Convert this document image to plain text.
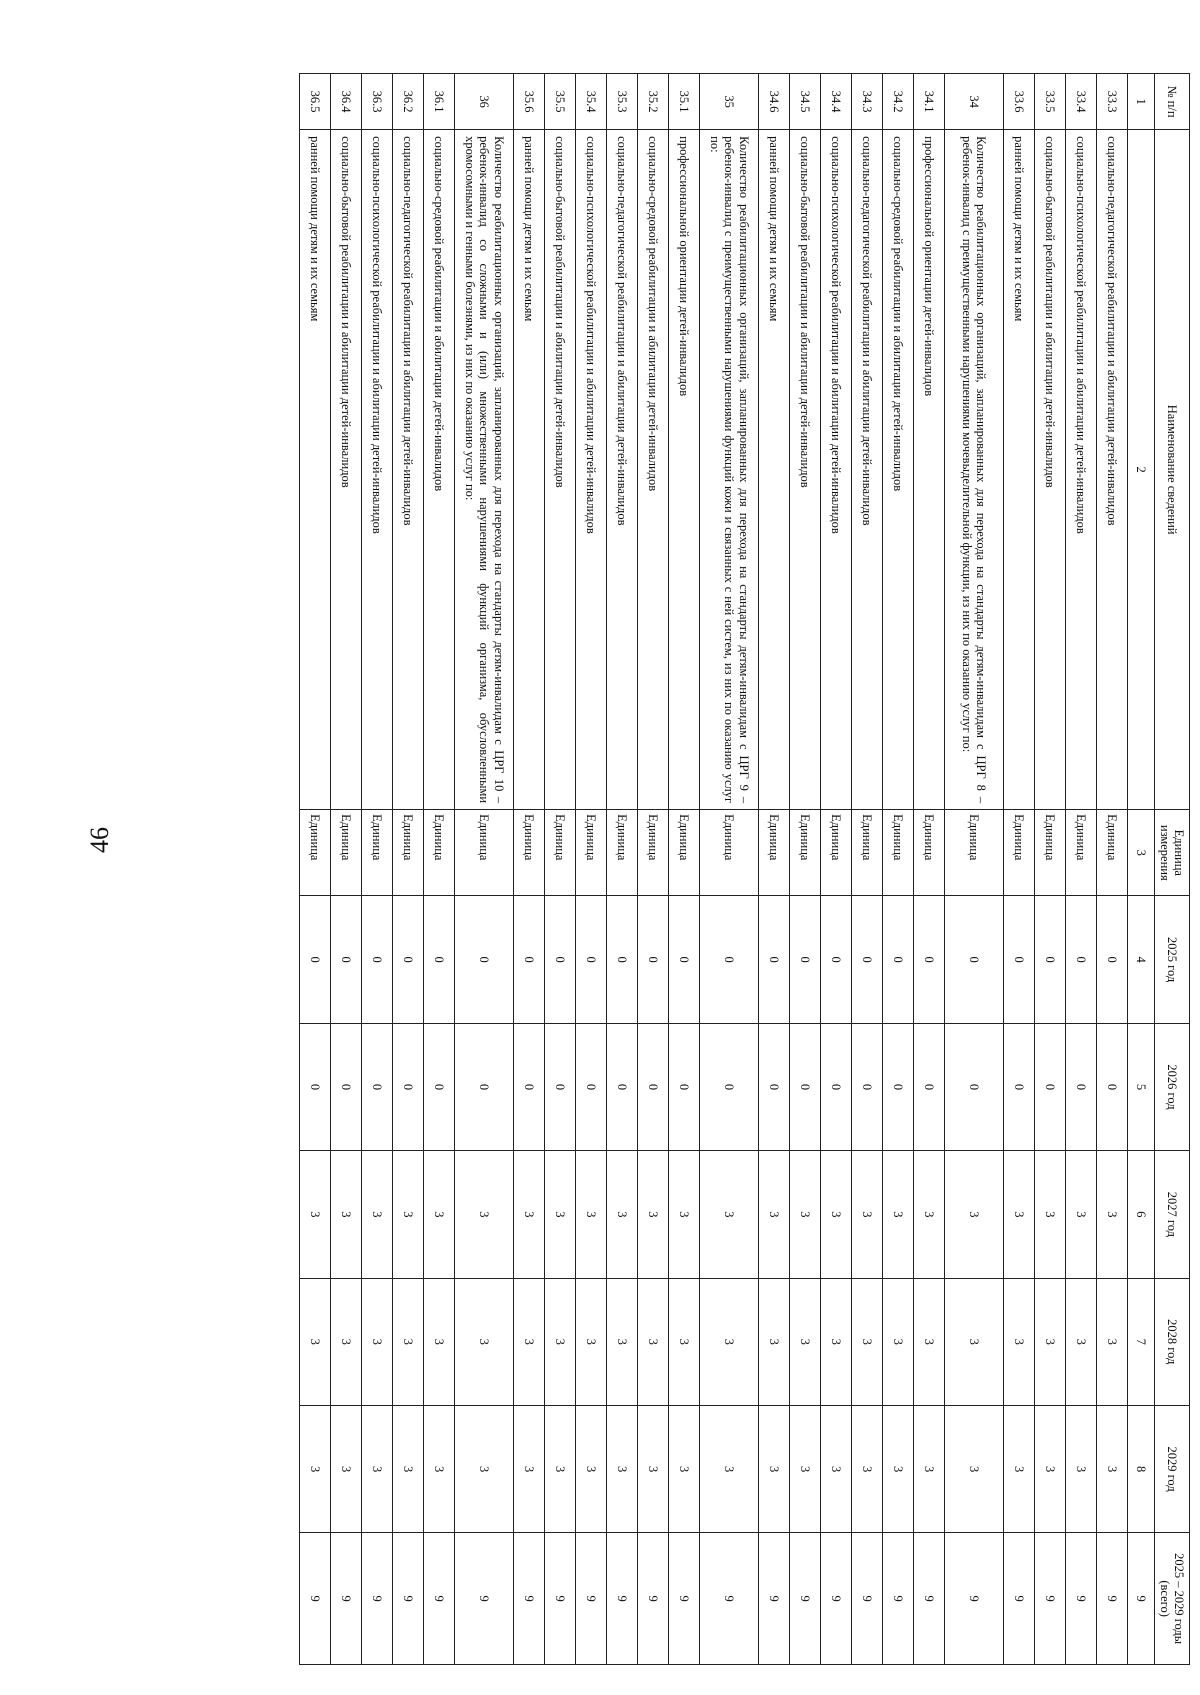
46
№ п/п	Наименование сведений	Единица измерения	2025 год	2026 год	2027 год	2028 год	2029 год	2025 – 2029 годы (всего)
1	2	3	4	5	6	7	8	9
33.3	социально-педагогической реабилитации и абилитации детей-инвалидов	Единица	0	0	3	3	3	9
33.4	социально-психологической реабилитации и абилитации детей-инвалидов	Единица	0	0	3	3	3	9
33.5	социально-бытовой реабилитации и абилитации детей-инвалидов	Единица	0	0	3	3	3	9
33.6	ранней помощи детям и их семьям	Единица	0	0	3	3	3	9
34	Количество реабилитационных организаций, запланированных для перехода на стандарты детям-инвалидам с ЦРГ 8 – ребенок-инвалид с преимущественными нарушениями мочевыделительной функции, из них по оказанию услуг по:	Единица	0	0	3	3	3	9
34.1	профессиональной ориентации детей-инвалидов	Единица	0	0	3	3	3	9
34.2	социально-средовой реабилитации и абилитации детей-инвалидов	Единица	0	0	3	3	3	9
34.3	социально-педагогической реабилитации и абилитации детей-инвалидов	Единица	0	0	3	3	3	9
34.4	социально-психологической реабилитации и абилитации детей-инвалидов	Единица	0	0	3	3	3	9
34.5	социально-бытовой реабилитации и абилитации детей-инвалидов	Единица	0	0	3	3	3	9
34.6	ранней помощи детям и их семьям	Единица	0	0	3	3	3	9
35	Количество реабилитационных организаций, запланированных для перехода на стандарты детям-инвалидам с ЦРГ 9 – ребенок-инвалид с преимущественными нарушениями функций кожи и связанных с ней систем, из них по оказанию услуг по:	Единица	0	0	3	3	3	9
35.1	профессиональной ориентации детей-инвалидов	Единица	0	0	3	3	3	9
35.2	социально-средовой реабилитации и абилитации детей-инвалидов	Единица	0	0	3	3	3	9
35.3	социально-педагогической реабилитации и абилитации детей-инвалидов	Единица	0	0	3	3	3	9
35.4	социально-психологической реабилитации и абилитации детей-инвалидов	Единица	0	0	3	3	3	9
35.5	социально-бытовой реабилитации и абилитации детей-инвалидов	Единица	0	0	3	3	3	9
35.6	ранней помощи детям и их семьям	Единица	0	0	3	3	3	9
36	Количество реабилитационных организаций, запланированных для перехода на стандарты детям-инвалидам с ЦРГ 10 – ребенок-инвалид со сложными и (или) множественными нарушениями функций организма, обусловленными хромосомными и генными болезнями, из них по оказанию услуг по:	Единица	0	0	3	3	3	9
36.1	социально-средовой реабилитации и абилитации детей-инвалидов	Единица	0	0	3	3	3	9
36.2	социально-педагогической реабилитации и абилитации детей-инвалидов	Единица	0	0	3	3	3	9
36.3	социально-психологической реабилитации и абилитации детей-инвалидов	Единица	0	0	3	3	3	9
36.4	социально-бытовой реабилитации и абилитации детей-инвалидов	Единица	0	0	3	3	3	9
36.5	ранней помощи детям и их семьям	Единица	0	0	3	3	3	9
